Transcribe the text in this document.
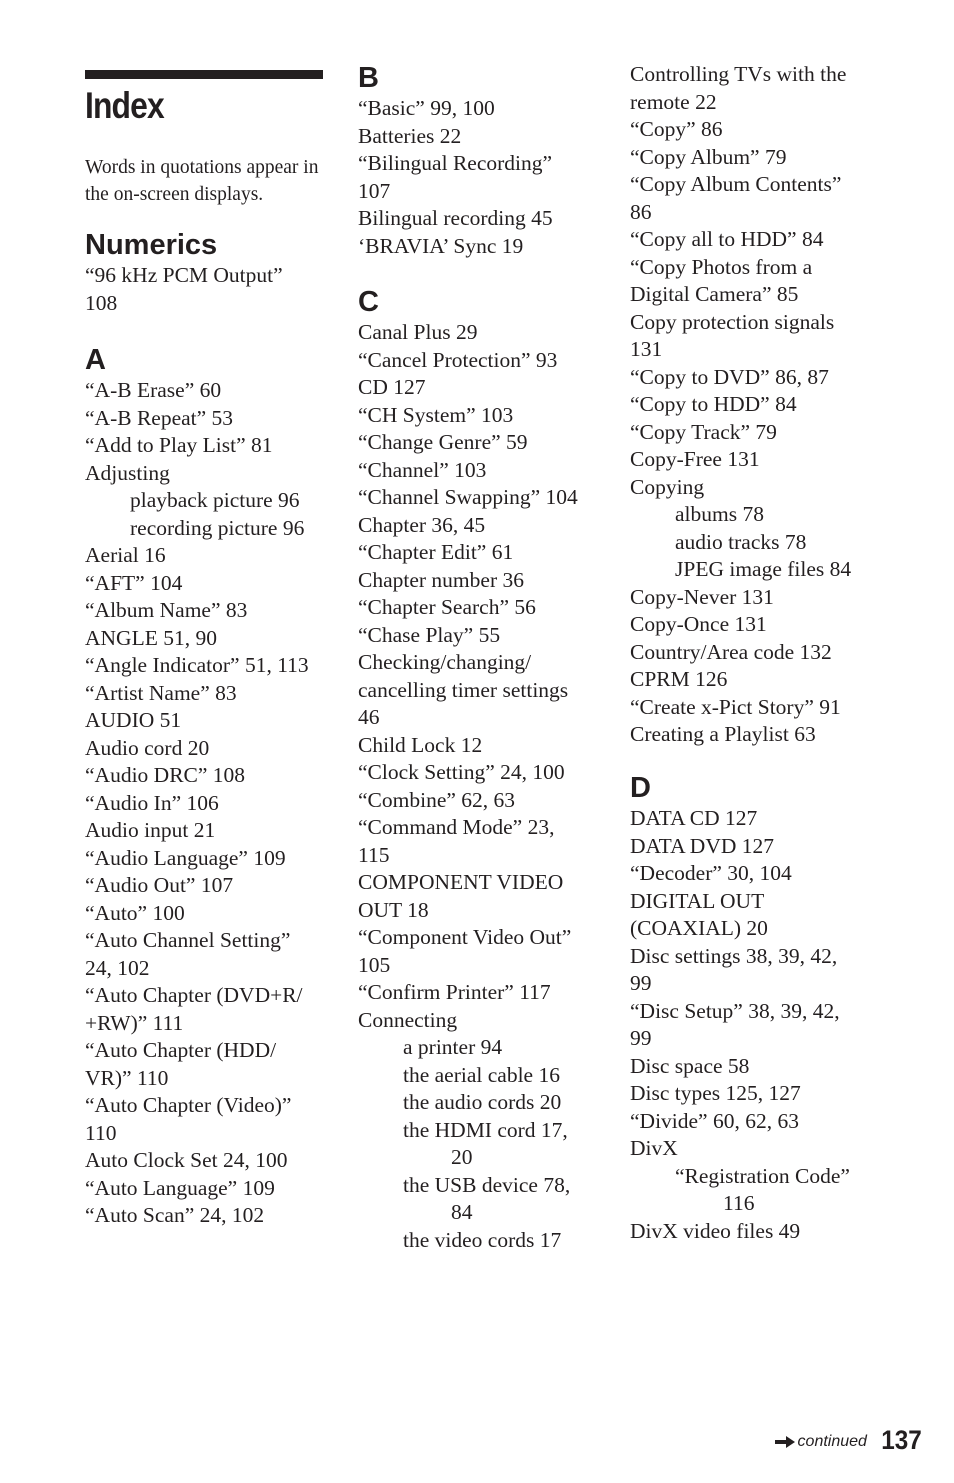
Index

Words in quotations appear in the on-screen displays.

Numerics
“96 kHz PCM Output”
108
A
“A-B Erase” 60
“A-B Repeat” 53
“Add to Play List” 81
Adjusting
playback picture 96
recording picture 96
Aerial 16
“AFT” 104
“Album Name” 83
ANGLE 51, 90
“Angle Indicator” 51, 113
“Artist Name” 83
AUDIO 51
Audio cord 20
“Audio DRC” 108
“Audio In” 106
Audio input 21
“Audio Language” 109
“Audio Out” 107
“Auto” 100
“Auto Channel Setting”
24, 102
“Auto Chapter (DVD+R/
+RW)” 111
“Auto Chapter (HDD/
VR)” 110
“Auto Chapter (Video)”
110
Auto Clock Set 24, 100
“Auto Language” 109
“Auto Scan” 24, 102
B
“Basic” 99, 100
Batteries 22
“Bilingual Recording”
107
Bilingual recording 45
‘BRAVIA’ Sync 19
C
Canal Plus 29
“Cancel Protection” 93
CD 127
“CH System” 103
“Change Genre” 59
“Channel” 103
“Channel Swapping” 104
Chapter 36, 45
“Chapter Edit” 61
Chapter number 36
“Chapter Search” 56
“Chase Play” 55
Checking/changing/
cancelling timer settings
46
Child Lock 12
“Clock Setting” 24, 100
“Combine” 62, 63
“Command Mode” 23,
115
COMPONENT VIDEO
OUT 18
“Component Video Out”
105
“Confirm Printer” 117
Connecting
a printer 94
the aerial cable 16
the audio cords 20
the HDMI cord 17,
20
the USB device 78,
84
the video cords 17
Controlling TVs with the
remote 22
“Copy” 86
“Copy Album” 79
“Copy Album Contents”
86
“Copy all to HDD” 84
“Copy Photos from a
Digital Camera” 85
Copy protection signals
131
“Copy to DVD” 86, 87
“Copy to HDD” 84
“Copy Track” 79
Copy-Free 131
Copying
albums 78
audio tracks 78
JPEG image files 84
Copy-Never 131
Copy-Once 131
Country/Area code 132
CPRM 126
“Create x-Pict Story” 91
Creating a Playlist 63
D
DATA CD 127
DATA DVD 127
“Decoder” 30, 104
DIGITAL OUT
(COAXIAL) 20
Disc settings 38, 39, 42,
99
“Disc Setup” 38, 39, 42,
99
Disc space 58
Disc types 125, 127
“Divide” 60, 62, 63
DivX
“Registration Code”
116
DivX video files 49
continued 137
